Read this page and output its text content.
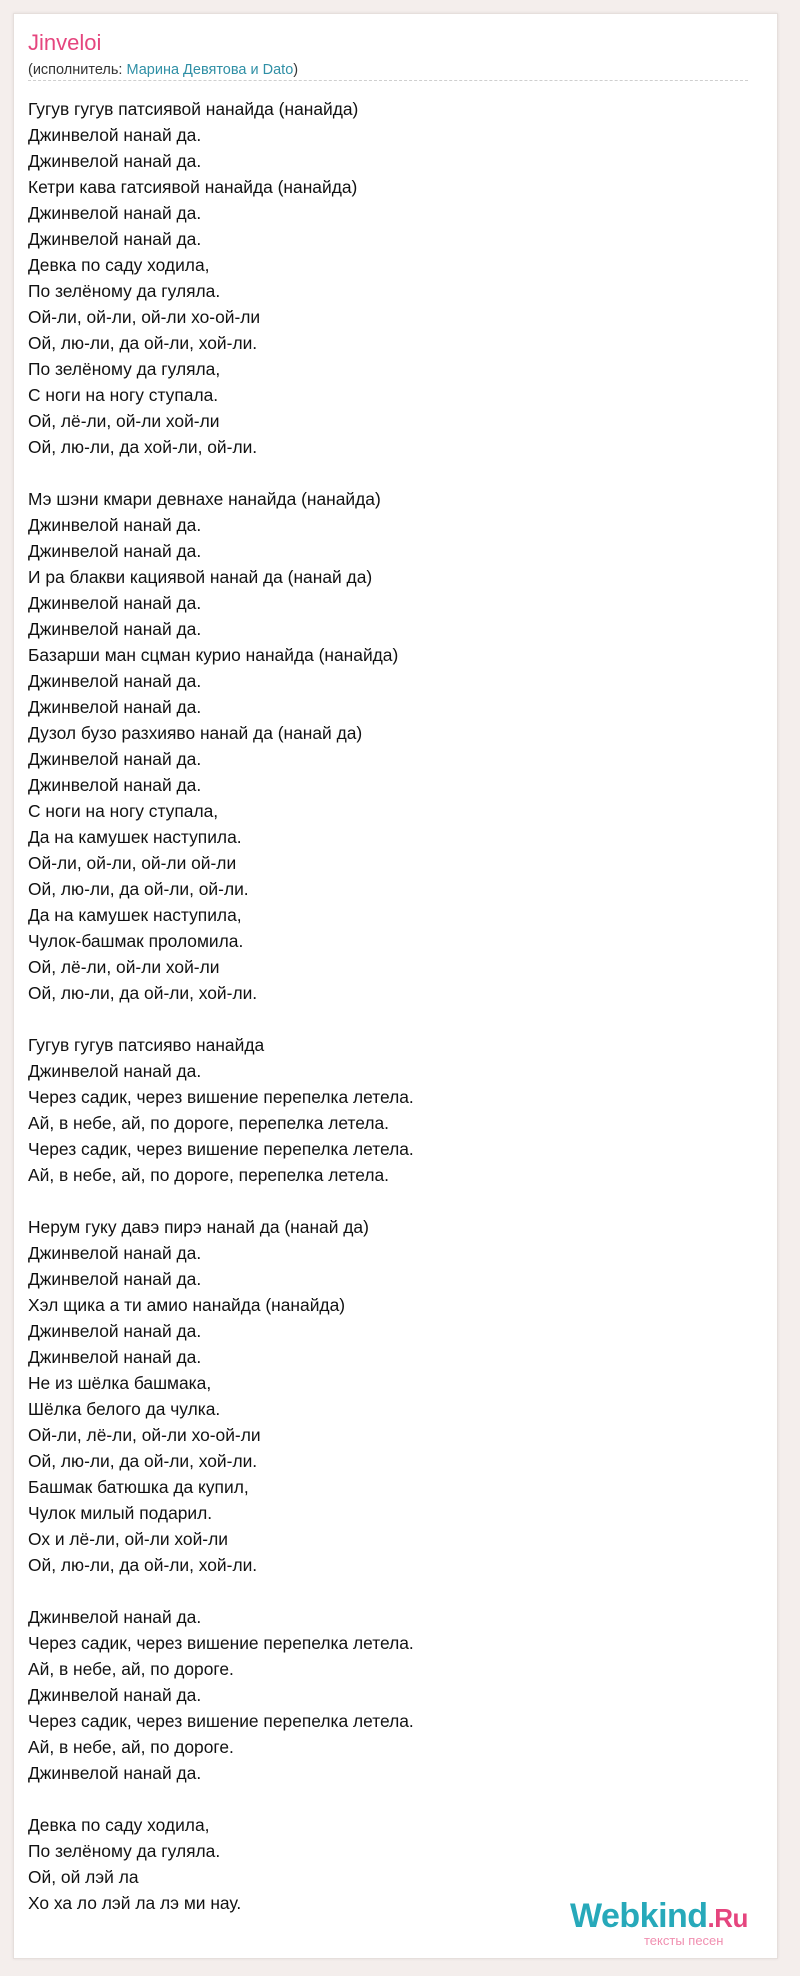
Jinveloi
(исполнитель: Марина Девятова и Dato)
Гугув гугув патсиявой нанайда (нанайда)
Джинвелой нанай да.
Джинвелой нанай да.
Кетри кава гатсиявой нанайда (нанайда)
Джинвелой нанай да.
Джинвелой нанай да.
Девка по саду ходила,
По зелёному да гуляла.
Ой-ли, ой-ли, ой-ли хо-ой-ли
Ой, лю-ли, да ой-ли, хой-ли.
По зелёному да гуляла,
С ноги на ногу ступала.
Ой, лё-ли, ой-ли хой-ли
Ой, лю-ли, да хой-ли, ой-ли.
Мэ шэни кмари девнахе нанайда (нанайда)
Джинвелой нанай да.
Джинвелой нанай да.
И ра блакви кациявой нанай да (нанай да)
Джинвелой нанай да.
Джинвелой нанай да.
Базарши ман сцман курио нанайда (нанайда)
Джинвелой нанай да.
Джинвелой нанай да.
Дузол бузо разхияво нанай да (нанай да)
Джинвелой нанай да.
Джинвелой нанай да.
С ноги на ногу ступала,
Да на камушек наступила.
Ой-ли, ой-ли, ой-ли ой-ли
Ой, лю-ли, да ой-ли, ой-ли.
Да на камушек наступила,
Чулок-башмак проломила.
Ой, лё-ли, ой-ли хой-ли
Ой, лю-ли, да ой-ли, хой-ли.
Гугув гугув патсияво нанайда
Джинвелой нанай да.
Через садик, через вишение перепелка летела.
Ай, в небе, ай, по дороге, перепелка летела.
Через садик, через вишение перепелка летела.
Ай, в небе, ай, по дороге, перепелка летела.
Нерум гуку давэ пирэ нанай да (нанай да)
Джинвелой нанай да.
Джинвелой нанай да.
Хэл щика а ти амио нанайда (нанайда)
Джинвелой нанай да.
Джинвелой нанай да.
Не из шёлка башмака,
Шёлка белого да чулка.
Ой-ли, лё-ли, ой-ли хо-ой-ли
Ой, лю-ли, да ой-ли, хой-ли.
Башмак батюшка да купил,
Чулок милый подарил.
Ох и лё-ли, ой-ли хой-ли
Ой, лю-ли, да ой-ли, хой-ли.
Джинвелой нанай да.
Через садик, через вишение перепелка летела.
Ай, в небе, ай, по дороге.
Джинвелой нанай да.
Через садик, через вишение перепелка летела.
Ай, в небе, ай, по дороге.
Джинвелой нанай да.
Девка по саду ходила,
По зелёному да гуляла.
Ой, ой лэй ла
Хо ха ло лэй ла лэ ми нау.	Webkind.Ru
тексты песен
